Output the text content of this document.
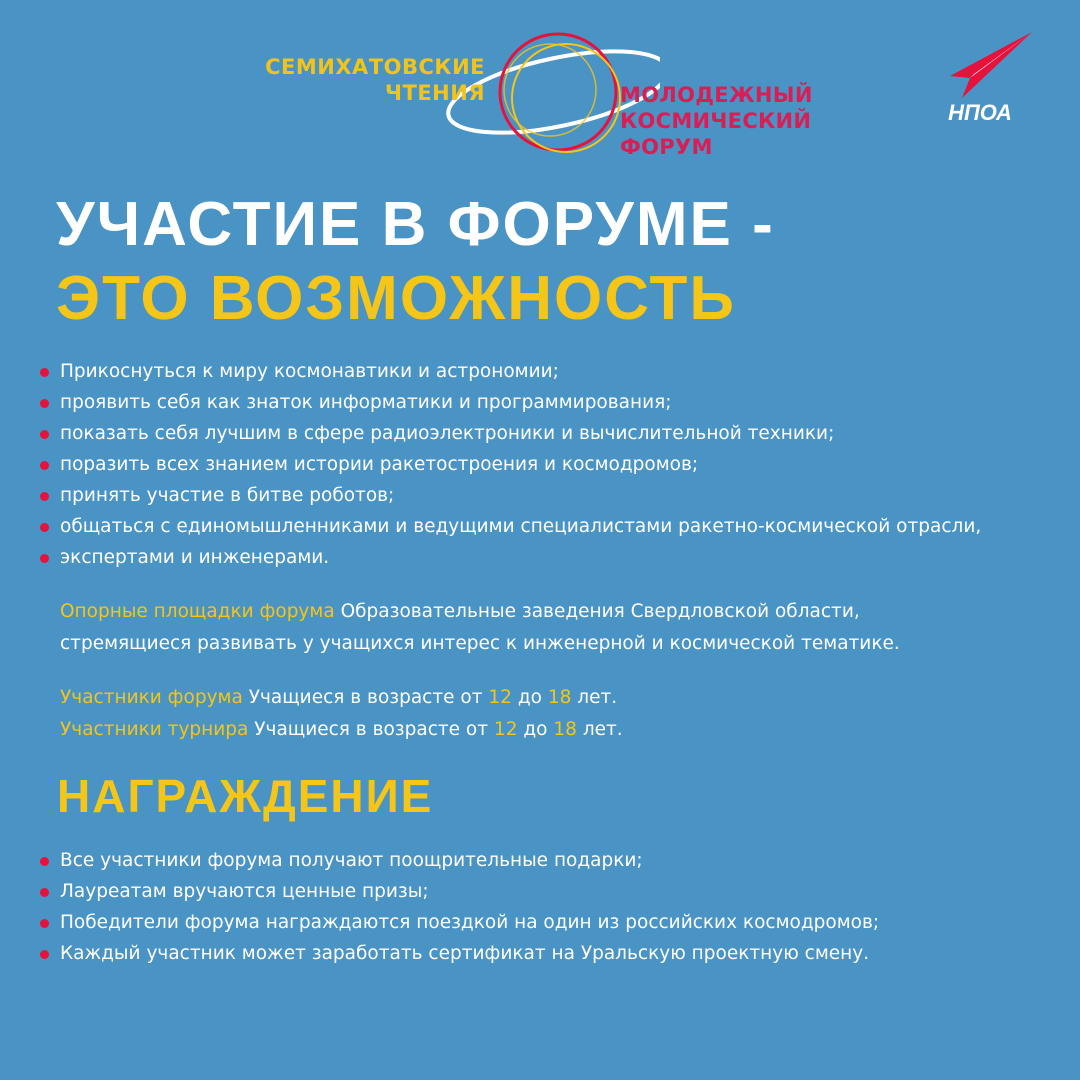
СЕМИХАТОВСКИЕ
ЧТЕНИЯ	МОЛОДЕЖНЫЙ
КОСМИЧЕСКИЙ
ФОРУМ
НПОА
УЧАСТИЕ В ФОРУМЕ -
ЭТО ВОЗМОЖНОСТЬ
Прикоснуться к миру космонавтики и астрономии;
проявить себя как знаток информатики и программирования;
показать себя лучшим в сфере радиоэлектроники и вычислительной техники;
поразить всех знанием истории ракетостроения и космодромов;
принять участие в битве роботов;
общаться с единомышленниками и ведущими специалистами ракетно-космической отрасли,
экспертами и инженерами.
Опорные площадки форума Образовательные заведения Свердловской области,
стремящиеся развивать у учащихся интерес к инженерной и космической тематике.
Участники форума Учащиеся в возрасте от 12 до 18 лет.
Участники турнира Учащиеся в возрасте от 12 до 18 лет.
НАГРАЖДЕНИЕ
Все участники форума получают поощрительные подарки;
Лауреатам вручаются ценные призы;
Победители форума награждаются поездкой на один из российских космодромов;
Каждый участник может заработать сертификат на Уральскую проектную смену.
